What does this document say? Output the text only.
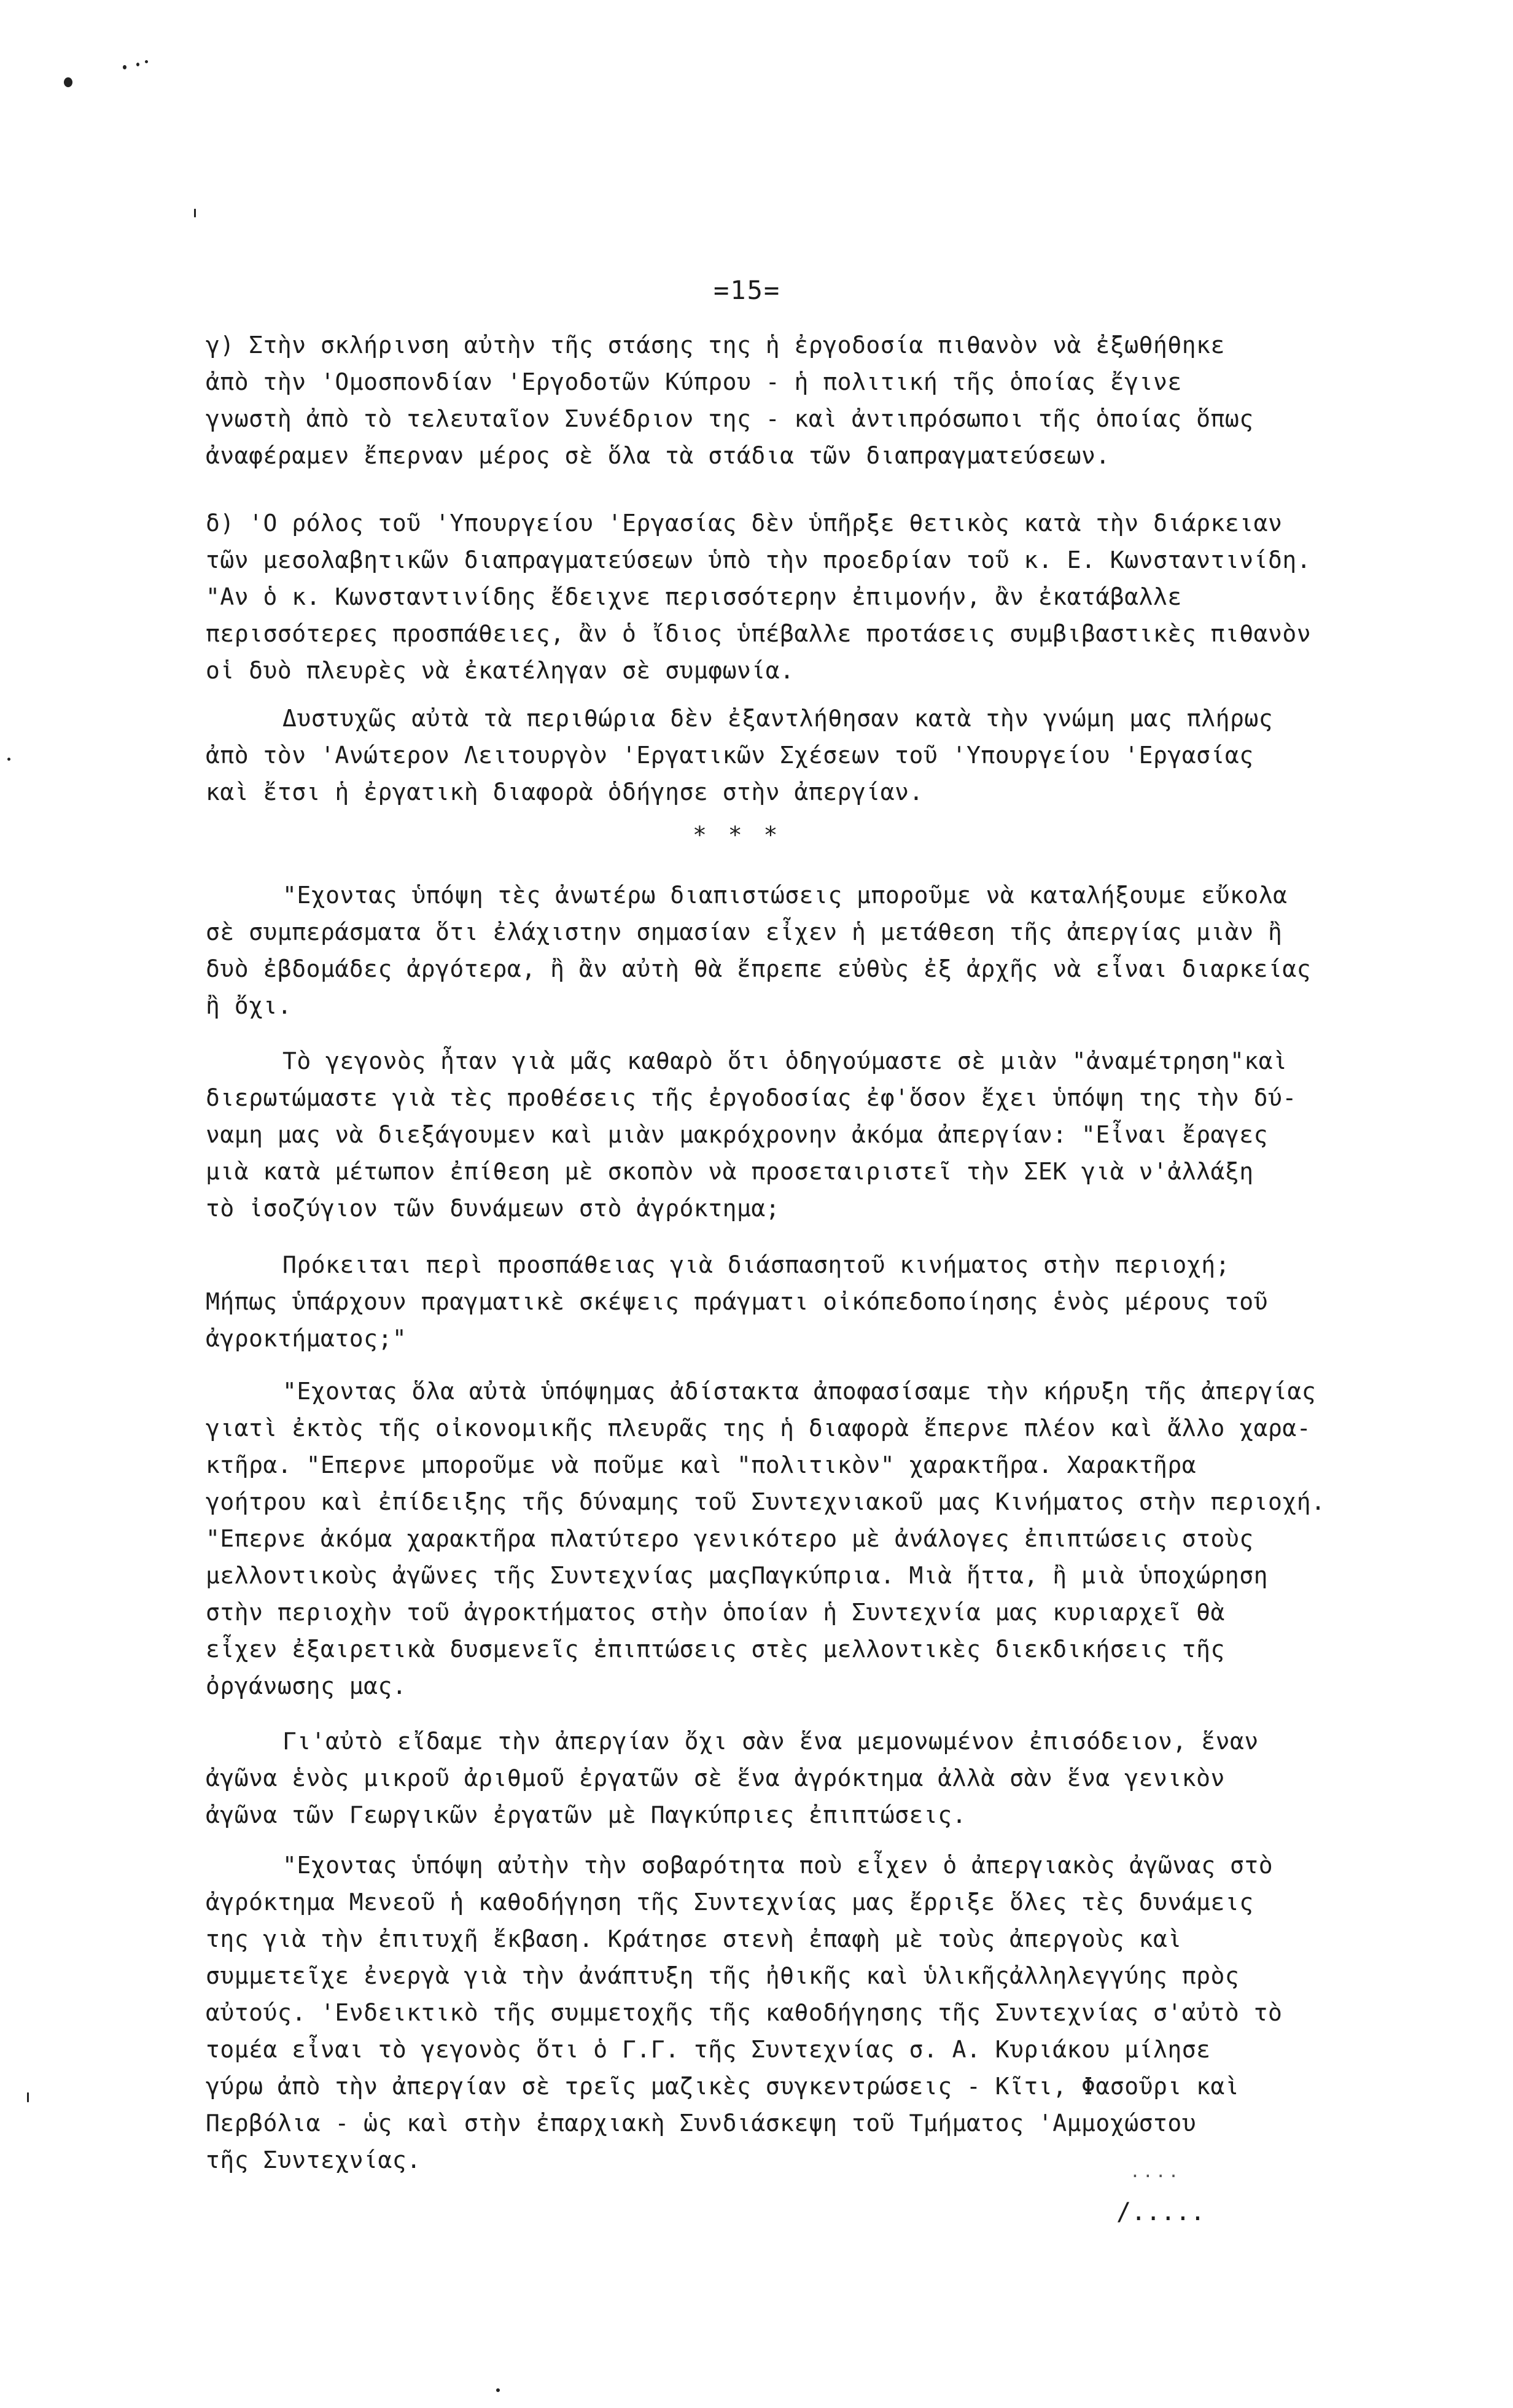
=15=
γ) Στὴν σκλήρινση αὐτὴν τῆς στάσης της ἡ ἐργοδοσία πιθανὸν νὰ ἐξωθήθηκε
ἀπὸ τὴν 'Ομοσπονδίαν 'Εργοδοτῶν Κύπρου - ἡ πολιτική τῆς ὁποίας ἔγινε
γνωστὴ ἀπὸ τὸ τελευταῖον Συνέδριον της - καὶ ἀντιπρόσωποι τῆς ὁποίας ὅπως
ἀναφέραμεν ἔπερναν μέρος σὲ ὅλα τὰ στάδια τῶν διαπραγματεύσεων.
δ) 'Ο ρόλος τοῦ 'Υπουργείου 'Εργασίας δὲν ὑπῆρξε θετικὸς κατὰ τὴν διάρκειαν
τῶν μεσολαβητικῶν διαπραγματεύσεων ὑπὸ τὴν προεδρίαν τοῦ κ. Ε. Κωνσταντινίδη.
"Αν ὁ κ. Κωνσταντινίδης ἔδειχνε περισσότερην ἐπιμονήν, ἂν ἐκατάβαλλε
περισσότερες προσπάθειες, ἂν ὁ ἴδιος ὑπέβαλλε προτάσεις συμβιβαστικὲς πιθανὸν
οἱ δυὸ πλευρὲς νὰ ἐκατέληγαν σὲ συμφωνία.
Δυστυχῶς αὐτὰ τὰ περιθώρια δὲν ἐξαντλήθησαν κατὰ τὴν γνώμη μας πλήρως
ἀπὸ τὸν 'Ανώτερον Λειτουργὸν 'Εργατικῶν Σχέσεων τοῦ 'Υπουργείου 'Εργασίας
καὶ ἔτσι ἡ ἐργατικὴ διαφορὰ ὁδήγησε στὴν ἀπεργίαν.
* * *
"Εχοντας ὑπόψη τὲς ἀνωτέρω διαπιστώσεις μποροῦμε νὰ καταλήξουμε εὔκολα
σὲ συμπεράσματα ὅτι ἐλάχιστην σημασίαν εἶχεν ἡ μετάθεση τῆς ἀπεργίας μιὰν ἢ
δυὸ ἐβδομάδες ἀργότερα, ἢ ἂν αὐτὴ θὰ ἔπρεπε εὐθὺς ἐξ ἀρχῆς νὰ εἶναι διαρκείας
ἢ ὄχι.
Τὸ γεγονὸς ἦταν γιὰ μᾶς καθαρὸ ὅτι ὁδηγούμαστε σὲ μιὰν "ἀναμέτρηση"καὶ
διερωτώμαστε γιὰ τὲς προθέσεις τῆς ἐργοδοσίας ἐφ'ὅσον ἔχει ὑπόψη της τὴν δύ-
ναμη μας νὰ διεξάγουμεν καὶ μιὰν μακρόχρονην ἀκόμα ἀπεργίαν: "Εἶναι ἔραγες
μιὰ κατὰ μέτωπον ἐπίθεση μὲ σκοπὸν νὰ προσεταιριστεῖ τὴν ΣΕΚ γιὰ ν'ἀλλάξη
τὸ ἰσοζύγιον τῶν δυνάμεων στὸ ἀγρόκτημα;
Πρόκειται περὶ προσπάθειας γιὰ διάσπασητοῦ κινήματος στὴν περιοχή;
Μήπως ὑπάρχουν πραγματικὲ σκέψεις πράγματι οἰκόπεδοποίησης ἑνὸς μέρους τοῦ
ἀγροκτήματος;"
"Εχοντας ὅλα αὐτὰ ὑπόψημας ἀδίστακτα ἀποφασίσαμε τὴν κήρυξη τῆς ἀπεργίας
γιατὶ ἐκτὸς τῆς οἰκονομικῆς πλευρᾶς της ἡ διαφορὰ ἔπερνε πλέον καὶ ἄλλο χαρα-
κτῆρα. "Επερνε μποροῦμε νὰ ποῦμε καὶ "πολιτικὸν" χαρακτῆρα. Χαρακτῆρα
γοήτρου καὶ ἐπίδειξης τῆς δύναμης τοῦ Συντεχνιακοῦ μας Κινήματος στὴν περιοχή.
"Επερνε ἀκόμα χαρακτῆρα πλατύτερο γενικότερο μὲ ἀνάλογες ἐπιπτώσεις στοὺς
μελλοντικοὺς ἀγῶνες τῆς Συντεχνίας μαςΠαγκύπρια. Μιὰ ἥττα, ἢ μιὰ ὑποχώρηση
στὴν περιοχὴν τοῦ ἀγροκτήματος στὴν ὁποίαν ἡ Συντεχνία μας κυριαρχεῖ θὰ
εἶχεν ἐξαιρετικὰ δυσμενεῖς ἐπιπτώσεις στὲς μελλοντικὲς διεκδικήσεις τῆς
ὀργάνωσης μας.
Γι'αὐτὸ εἴδαμε τὴν ἀπεργίαν ὄχι σὰν ἕνα μεμονωμένον ἐπισόδειον, ἕναν
ἀγῶνα ἑνὸς μικροῦ ἀριθμοῦ ἐργατῶν σὲ ἕνα ἀγρόκτημα ἀλλὰ σὰν ἕνα γενικὸν
ἀγῶνα τῶν Γεωργικῶν ἐργατῶν μὲ Παγκύπριες ἐπιπτώσεις.
"Εχοντας ὑπόψη αὐτὴν τὴν σοβαρότητα ποὺ εἶχεν ὁ ἀπεργιακὸς ἀγῶνας στὸ
ἀγρόκτημα Μενεοῦ ἡ καθοδήγηση τῆς Συντεχνίας μας ἔρριξε ὅλες τὲς δυνάμεις
της γιὰ τὴν ἐπιτυχῆ ἔκβαση. Κράτησε στενὴ ἐπαφὴ μὲ τοὺς ἀπεργοὺς καὶ
συμμετεῖχε ἐνεργὰ γιὰ τὴν ἀνάπτυξη τῆς ἠθικῆς καὶ ὑλικῆςἀλληλεγγύης πρὸς
αὐτούς. 'Ενδεικτικὸ τῆς συμμετοχῆς τῆς καθοδήγησης τῆς Συντεχνίας σ'αὐτὸ τὸ
τομέα εἶναι τὸ γεγονὸς ὅτι ὁ Γ.Γ. τῆς Συντεχνίας σ. Α. Κυριάκου μίλησε
γύρω ἀπὸ τὴν ἀπεργίαν σὲ τρεῖς μαζικὲς συγκεντρώσεις - Κῖτι, Φασοῦρι καὶ
Περβόλια - ὡς καὶ στὴν ἐπαρχιακὴ Συνδιάσκεψη τοῦ Τμήματος 'Αμμοχώστου
τῆς Συντεχνίας.	....
/.....
